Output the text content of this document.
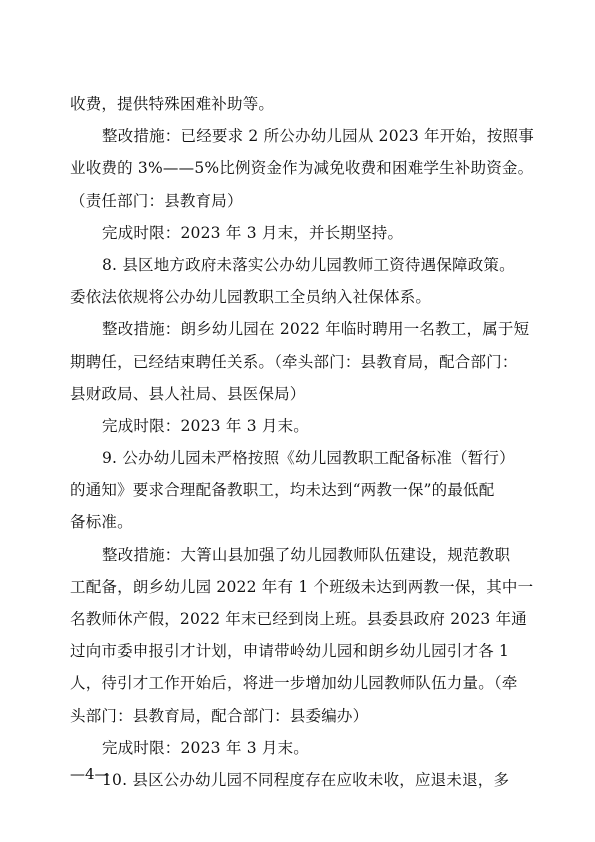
收费，提供特殊困难补助等。
整改措施：已经要求 2 所公办幼儿园从 2023 年开始，按照事
业收费的 3%——5%比例资金作为减免收费和困难学生补助资金。
（责任部门：县教育局）
完成时限：2023 年 3 月末，并长期坚持。
8. 县区地方政府未落实公办幼儿园教师工资待遇保障政策。
委依法依规将公办幼儿园教职工全员纳入社保体系。
整改措施：朗乡幼儿园在 2022 年临时聘用一名教工，属于短
期聘任，已经结束聘任关系。（牵头部门：县教育局，配合部门：
县财政局、县人社局、县医保局）
完成时限：2023 年 3 月末。
9. 公办幼儿园未严格按照《幼儿园教职工配备标准（暂行）
的通知》要求合理配备教职工，均未达到“两教一保”的最低配
备标准。
整改措施：大箐山县加强了幼儿园教师队伍建设，规范教职
工配备，朗乡幼儿园 2022 年有 1 个班级未达到两教一保，其中一
名教师休产假，2022 年末已经到岗上班。县委县政府 2023 年通
过向市委申报引才计划，申请带岭幼儿园和朗乡幼儿园引才各 1
人，待引才工作开始后，将进一步增加幼儿园教师队伍力量。（牵
头部门：县教育局，配合部门：县委编办）
完成时限：2023 年 3 月末。
10. 县区公办幼儿园不同程度存在应收未收，应退未退，多
—4—
